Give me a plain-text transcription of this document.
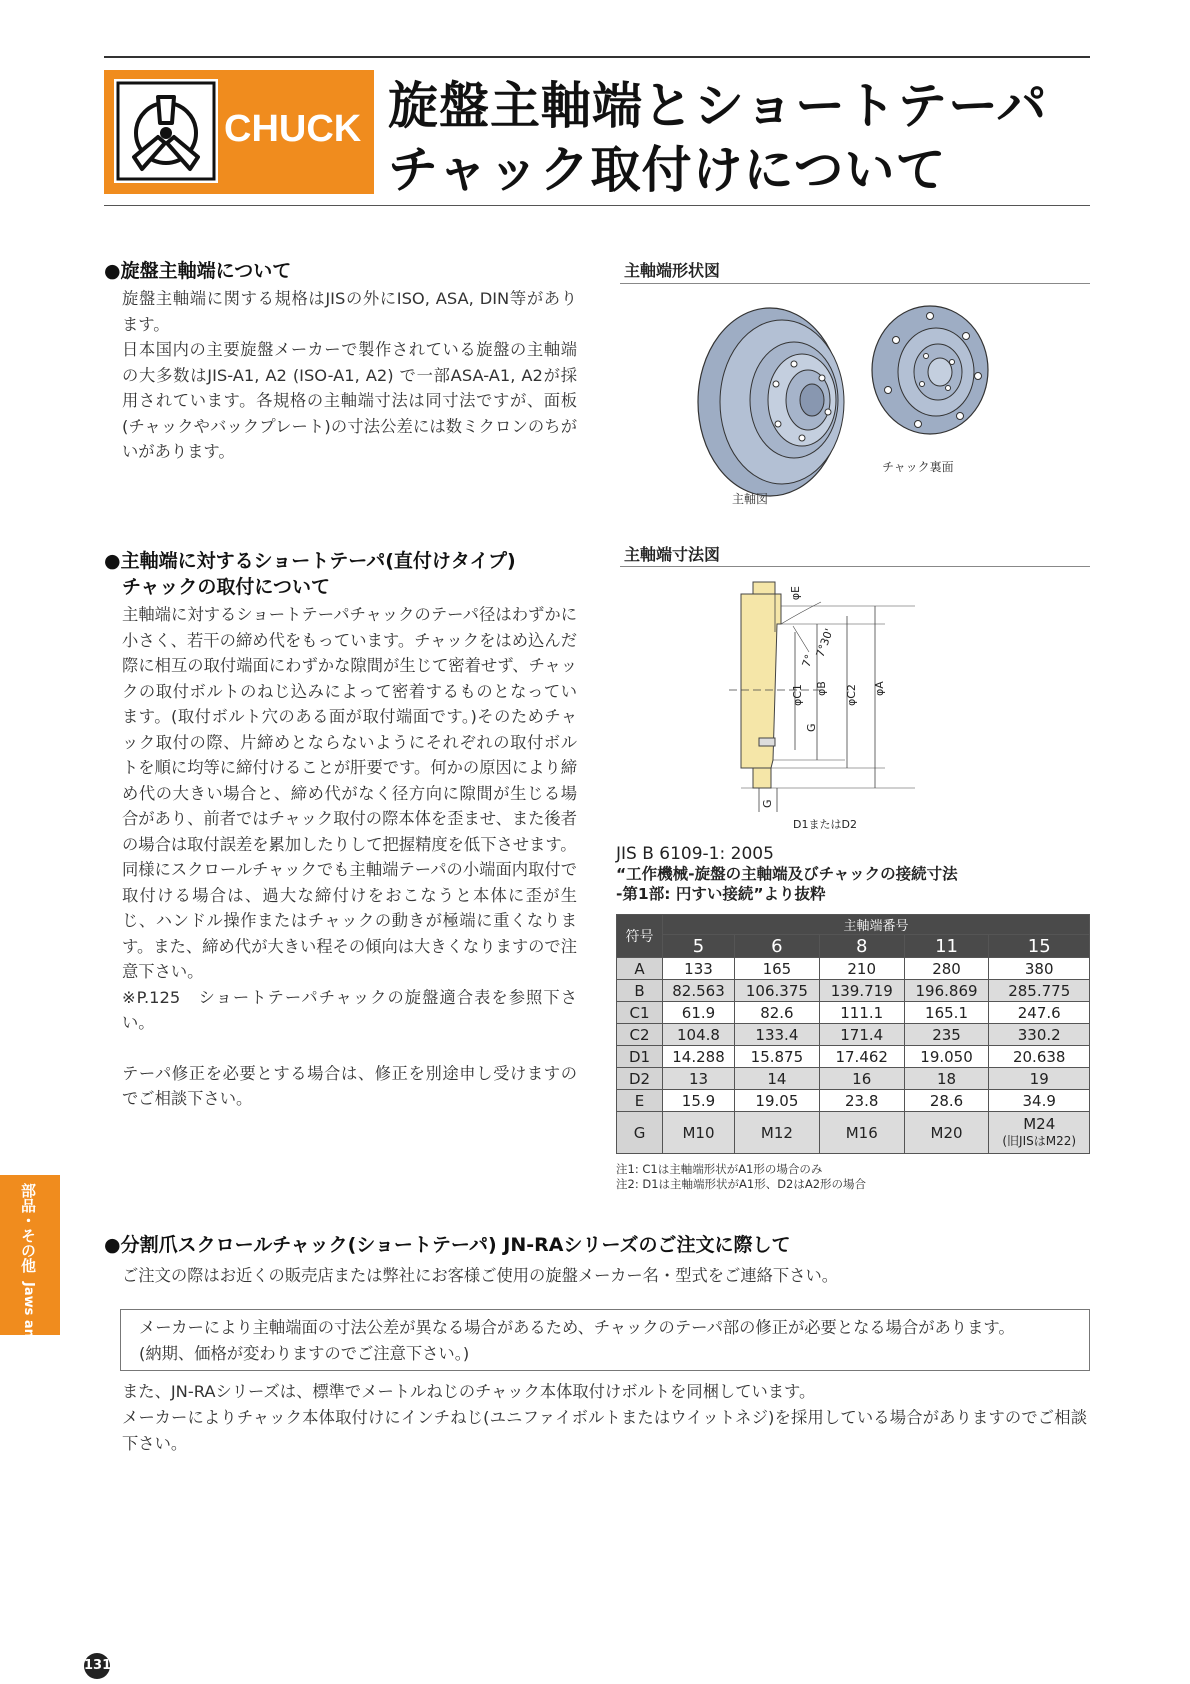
CHUCK 旋盤主軸端とショートテーパ
チャック取付けについて
●旋盤主軸端について

旋盤主軸端に関する規格はJISの外にISO, ASA, DIN等があります。

日本国内の主要旋盤メーカーで製作されている旋盤の主軸端の大多数はJIS-A1, A2 (ISO-A1, A2) で一部ASA-A1, A2が採用されています。各規格の主軸端寸法は同寸法ですが、面板(チャックやバックプレート)の寸法公差には数ミクロンのちがいがあります。

主軸端形状図
チャック裏面
主軸図
●主軸端に対するショートテーパ(直付けタイプ)
チャックの取付について

主軸端に対するショートテーパチャックのテーパ径はわずかに小さく、若干の締め代をもっています。チャックをはめ込んだ際に相互の取付端面にわずかな隙間が生じて密着せず、チャックの取付ボルトのねじ込みによって密着するものとなっています。(取付ボルト穴のある面が取付端面です。)そのためチャック取付の際、片締めとならないようにそれぞれの取付ボルトを順に均等に締付けることが肝要です。何かの原因により締め代の大きい場合と、締め代がなく径方向に隙間が生じる場合があり、前者ではチャック取付の際本体を歪ませ、また後者の場合は取付誤差を累加したりして把握精度を低下させます。

同様にスクロールチャックでも主軸端テーパの小端面内取付で取付ける場合は、過大な締付けをおこなうと本体に歪が生じ、ハンドル操作またはチャックの動きが極端に重くなります。また、締め代が大きい程その傾向は大きくなりますので注意下さい。

※P.125　ショートテーパチャックの旋盤適合表を参照下さい。

テーパ修正を必要とする場合は、修正を別途申し受けますのでご相談下さい。

主軸端寸法図
φE
7°
7°30'
φC1 φB φC2 φA
G
G
D1またはD2
JIS B 6109-1: 2005
“工作機械-旋盤の主軸端及びチャックの接続寸法
-第1部: 円すい接続”より抜粋
符号	主軸端番号				
	5	6	8	11	15
A	133	165	210	280	380
B	82.563	106.375	139.719	196.869	285.775
C1	61.9	82.6	111.1	165.1	247.6
C2	104.8	133.4	171.4	235	330.2
D1	14.288	15.875	17.462	19.050	20.638
D2	13	14	16	18	19
E	15.9	19.05	23.8	28.6	34.9
G	M10	M12	M16	M20	M24
(旧JISはM22)
注1: C1は主軸端形状がA1形の場合のみ
注2: D1は主軸端形状がA1形、D2はA2形の場合
部品・その他 Jaws and Accessories
●分割爪スクロールチャック(ショートテーパ) JN-RAシリーズのご注文に際して
ご注文の際はお近くの販売店または弊社にお客様ご使用の旋盤メーカー名・型式をご連絡下さい。
メーカーにより主軸端面の寸法公差が異なる場合があるため、チャックのテーパ部の修正が必要となる場合があります。
(納期、価格が変わりますのでご注意下さい。)
また、JN-RAシリーズは、標準でメートルねじのチャック本体取付けボルトを同梱しています。
メーカーによりチャック本体取付けにインチねじ(ユニファイボルトまたはウイットネジ)を採用している場合がありますのでご相談下さい。
131
